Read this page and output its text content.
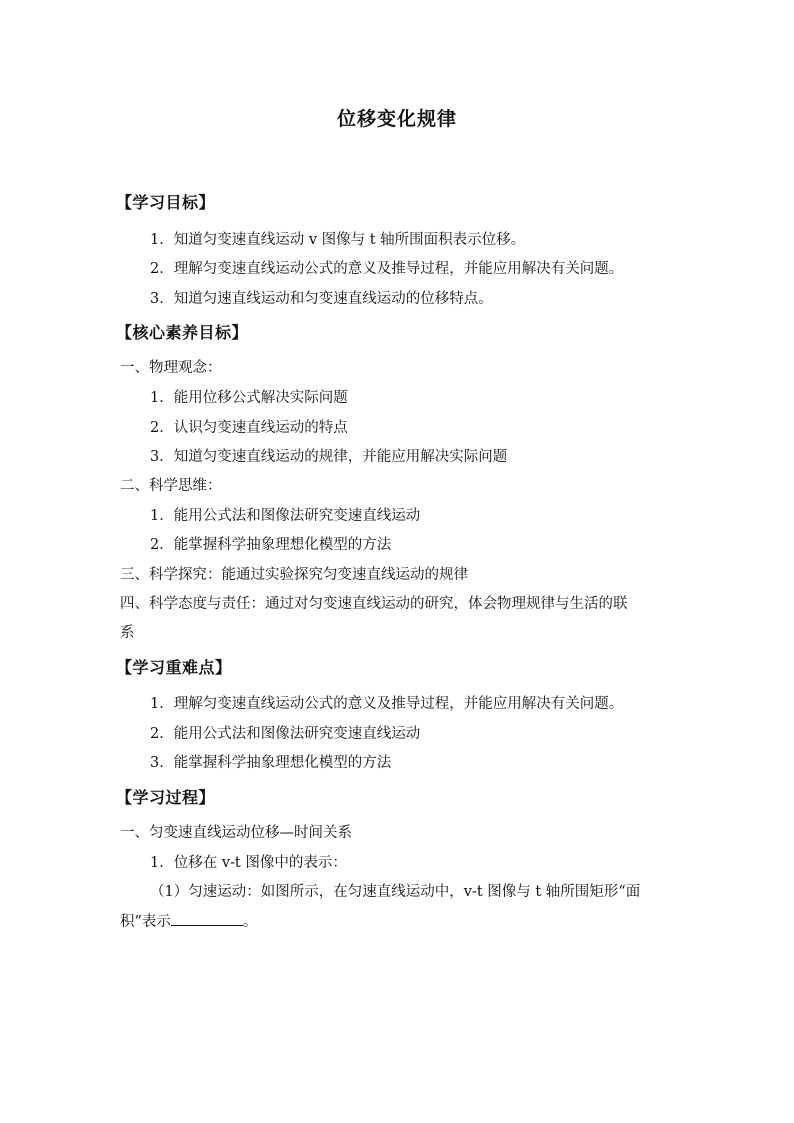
位移变化规律
【学习目标】
1．知道匀变速直线运动 v 图像与 t 轴所围面积表示位移。
2．理解匀变速直线运动公式的意义及推导过程，并能应用解决有关问题。
3．知道匀速直线运动和匀变速直线运动的位移特点。
【核心素养目标】
一、物理观念：
1．能用位移公式解决实际问题
2．认识匀变速直线运动的特点
3．知道匀变速直线运动的规律，并能应用解决实际问题
二、科学思维：
1．能用公式法和图像法研究变速直线运动
2．能掌握科学抽象理想化模型的方法
三、科学探究：能通过实验探究匀变速直线运动的规律
四、科学态度与责任：通过对匀变速直线运动的研究，体会物理规律与生活的联
系
【学习重难点】
1．理解匀变速直线运动公式的意义及推导过程，并能应用解决有关问题。
2．能用公式法和图像法研究变速直线运动
3．能掌握科学抽象理想化模型的方法
【学习过程】
一、匀变速直线运动位移—时间关系
1．位移在 v-t 图像中的表示：
（1）匀速运动：如图所示，在匀速直线运动中，v-t 图像与 t 轴所围矩形“面
积”表示	。
